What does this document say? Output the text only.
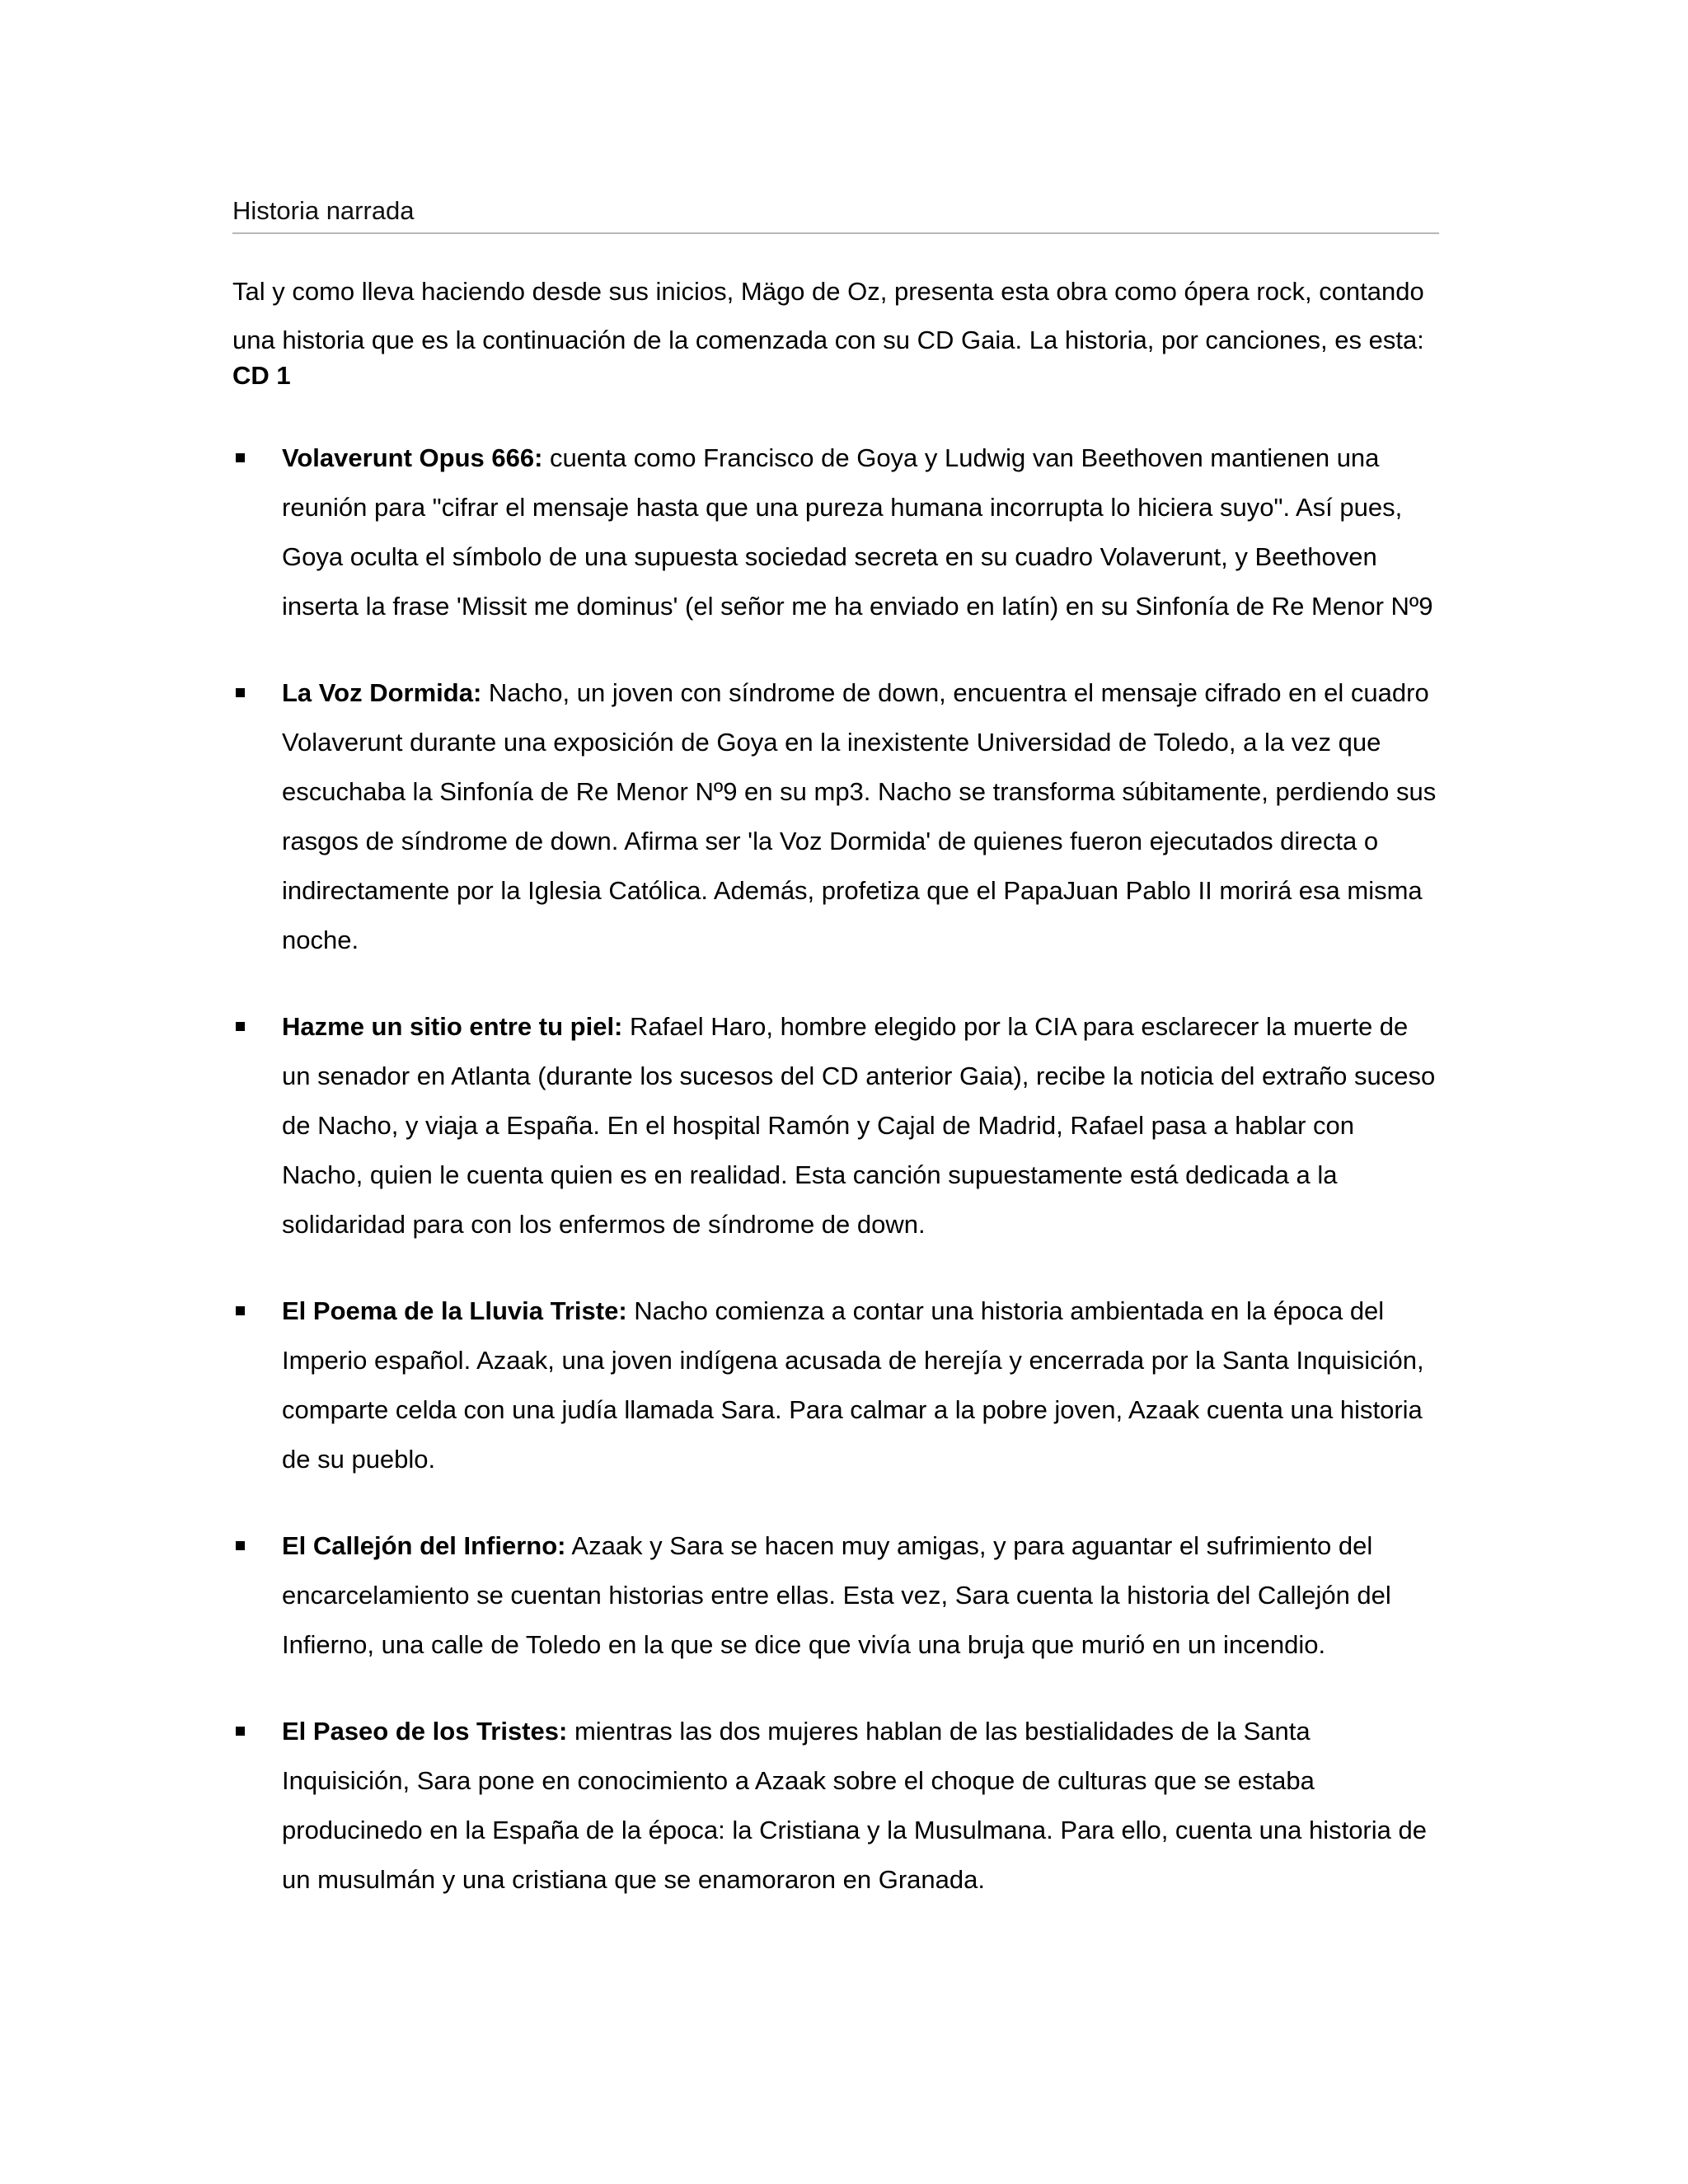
Historia narrada
Tal y como lleva haciendo desde sus inicios, Mägo de Oz, presenta esta obra como ópera rock, contando una historia que es la continuación de la comenzada con su CD Gaia. La historia, por canciones, es esta:
CD 1
Volaverunt Opus 666: cuenta como Francisco de Goya y Ludwig van Beethoven mantienen una reunión para "cifrar el mensaje hasta que una pureza humana incorrupta lo hiciera suyo". Así pues, Goya oculta el símbolo de una supuesta sociedad secreta en su cuadro Volaverunt, y Beethoven inserta la frase 'Missit me dominus' (el señor me ha enviado en latín) en su Sinfonía de Re Menor Nº9
La Voz Dormida: Nacho, un joven con síndrome de down, encuentra el mensaje cifrado en el cuadro Volaverunt durante una exposición de Goya en la inexistente Universidad de Toledo, a la vez que escuchaba la Sinfonía de Re Menor Nº9 en su mp3. Nacho se transforma súbitamente, perdiendo sus rasgos de síndrome de down. Afirma ser 'la Voz Dormida' de quienes fueron ejecutados directa o indirectamente por la Iglesia Católica. Además, profetiza que el PapaJuan Pablo II morirá esa misma noche.
Hazme un sitio entre tu piel: Rafael Haro, hombre elegido por la CIA para esclarecer la muerte de un senador en Atlanta (durante los sucesos del CD anterior Gaia), recibe la noticia del extraño suceso de Nacho, y viaja a España. En el hospital Ramón y Cajal de Madrid, Rafael pasa a hablar con Nacho, quien le cuenta quien es en realidad. Esta canción supuestamente está dedicada a la solidaridad para con los enfermos de síndrome de down.
El Poema de la Lluvia Triste: Nacho comienza a contar una historia ambientada en la época del Imperio español. Azaak, una joven indígena acusada de herejía y encerrada por la Santa Inquisición, comparte celda con una judía llamada Sara. Para calmar a la pobre joven, Azaak cuenta una historia de su pueblo.
El Callejón del Infierno: Azaak y Sara se hacen muy amigas, y para aguantar el sufrimiento del encarcelamiento se cuentan historias entre ellas. Esta vez, Sara cuenta la historia del Callejón del Infierno, una calle de Toledo en la que se dice que vivía una bruja que murió en un incendio.
El Paseo de los Tristes: mientras las dos mujeres hablan de las bestialidades de la Santa Inquisición, Sara pone en conocimiento a Azaak sobre el choque de culturas que se estaba producinedo en la España de la época: la Cristiana y la Musulmana. Para ello, cuenta una historia de un musulmán y una cristiana que se enamoraron en Granada.
